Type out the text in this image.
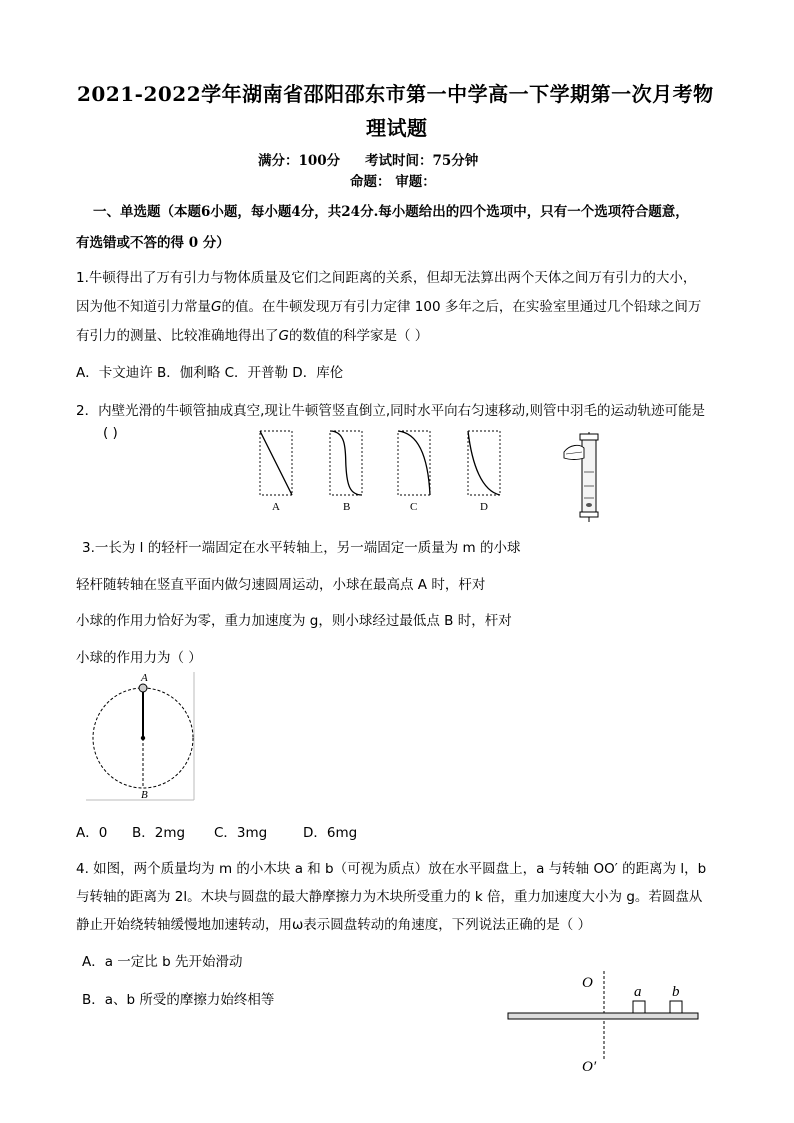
2021-2022学年湖南省邵阳邵东市第一中学高一下学期第一次月考物
理试题
满分：100分 考试时间：75分钟
命题： 审题：
一、单选题（本题6小题，每小题4分，共24分.每小题给出的四个选项中，只有一个选项符合题意，
有选错或不答的得 0 分）
1.牛顿得出了万有引力与物体质量及它们之间距离的关系，但却无法算出两个天体之间万有引力的大小，
因为他不知道引力常量G的值。在牛顿发现万有引力定律 100 多年之后，在实验室里通过几个铅球之间万
有引力的测量、比较准确地得出了G的数值的科学家是（ ）
A．卡文迪许 B．伽利略 C．开普勒 D．库伦
2．内壁光滑的牛顿管抽成真空,现让牛顿管竖直倒立,同时水平向右匀速移动,则管中羽毛的运动轨迹可能是
( )
A	B	C	D
3.一长为 l 的轻杆一端固定在水平转轴上，另一端固定一质量为 m 的小球
轻杆随转轴在竖直平面内做匀速圆周运动，小球在最高点 A 时，杆对
小球的作用力恰好为零，重力加速度为 g，则小球经过最低点 B 时，杆对
小球的作用力为（ ）
A
B
A．0 B．2mg C．3mg	D．6mg
4. 如图，两个质量均为 m 的小木块 a 和 b（可视为质点）放在水平圆盘上，a 与转轴 OO′ 的距离为 l，b
与转轴的距离为 2l。木块与圆盘的最大静摩擦力为木块所受重力的 k 倍，重力加速度大小为 g。若圆盘从
静止开始绕转轴缓慢地加速转动，用ω表示圆盘转动的角速度，下列说法正确的是（ ）
A．a 一定比 b 先开始滑动
B．a、b 所受的摩擦力始终相等
O
a b
O′
